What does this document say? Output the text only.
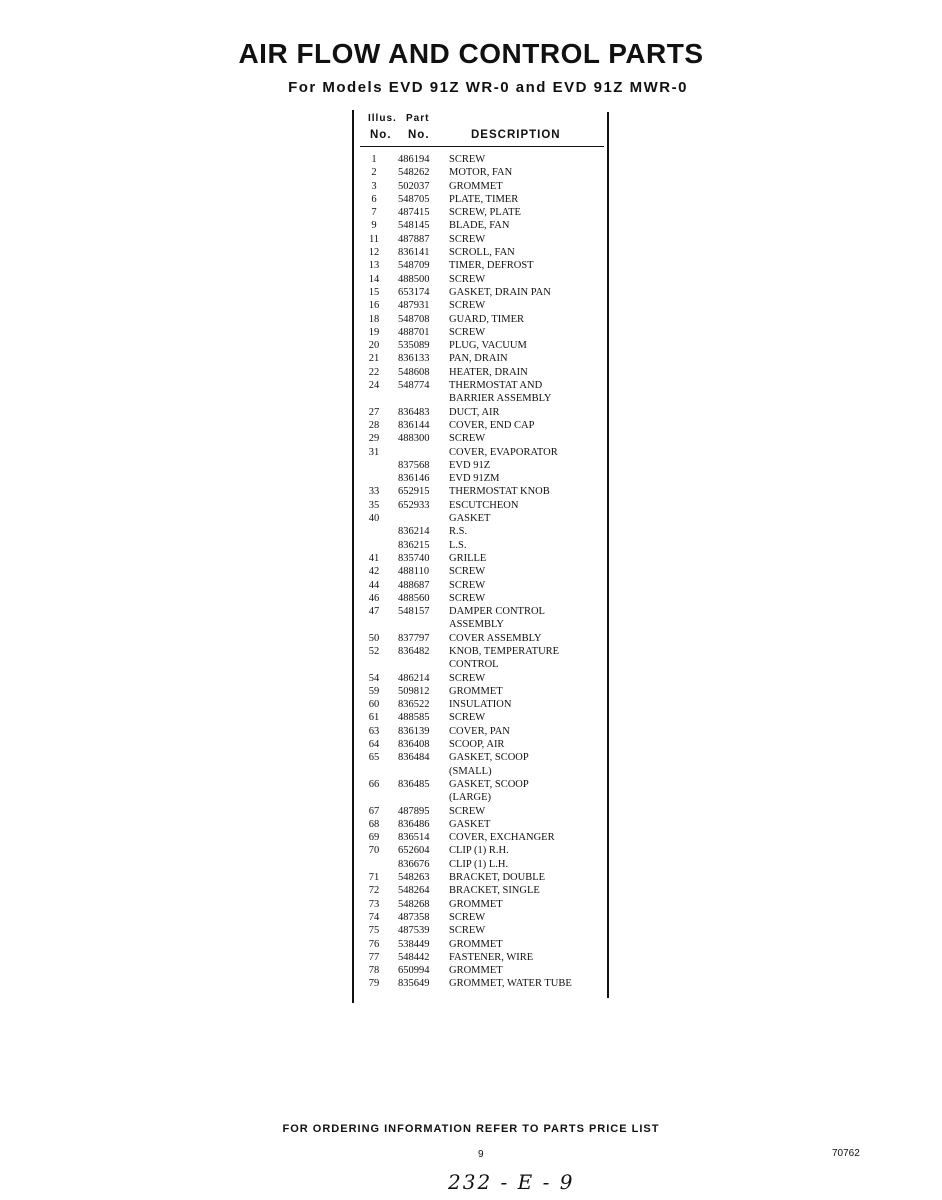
AIR FLOW AND CONTROL PARTS
For Models EVD 91Z WR-0 and EVD 91Z MWR-0
Illus. Part
No. No.	DESCRIPTION
1	486194 SCREW
2	548262 MOTOR, FAN
3	502037 GROMMET
6	548705 PLATE, TIMER
7	487415 SCREW, PLATE
9	548145 BLADE, FAN
11	487887 SCREW
12	836141 SCROLL, FAN
13	548709 TIMER, DEFROST
14	488500 SCREW
15	653174 GASKET, DRAIN PAN
16	487931 SCREW
18	548708 GUARD, TIMER
19	488701 SCREW
20	535089 PLUG, VACUUM
21	836133 PAN, DRAIN
22	548608 HEATER, DRAIN
24	548774 THERMOSTAT AND
BARRIER ASSEMBLY
27	836483 DUCT, AIR
28	836144 COVER, END CAP
29	488300 SCREW
31	COVER, EVAPORATOR
837568 EVD 91Z
836146 EVD 91ZM
33	652915 THERMOSTAT KNOB
35	652933 ESCUTCHEON
40	GASKET
836214 R.S.
836215 L.S.
41	835740 GRILLE
42	488110 SCREW
44	488687 SCREW
46	488560 SCREW
47	548157 DAMPER CONTROL
ASSEMBLY
50	837797 COVER ASSEMBLY
52	836482 KNOB, TEMPERATURE
CONTROL
54	486214 SCREW
59	509812 GROMMET
60	836522 INSULATION
61	488585 SCREW
63	836139 COVER, PAN
64	836408 SCOOP, AIR
65	836484 GASKET, SCOOP
(SMALL)
66	836485 GASKET, SCOOP
(LARGE)
67	487895 SCREW
68	836486 GASKET
69	836514 COVER, EXCHANGER
70	652604 CLIP (1) R.H.
836676 CLIP (1) L.H.
71	548263 BRACKET, DOUBLE
72	548264 BRACKET, SINGLE
73	548268 GROMMET
74	487358 SCREW
75	487539 SCREW
76	538449 GROMMET
77	548442 FASTENER, WIRE
78	650994 GROMMET
79	835649 GROMMET, WATER TUBE
FOR ORDERING INFORMATION REFER TO PARTS PRICE LIST
9	70762
232 - E - 9
